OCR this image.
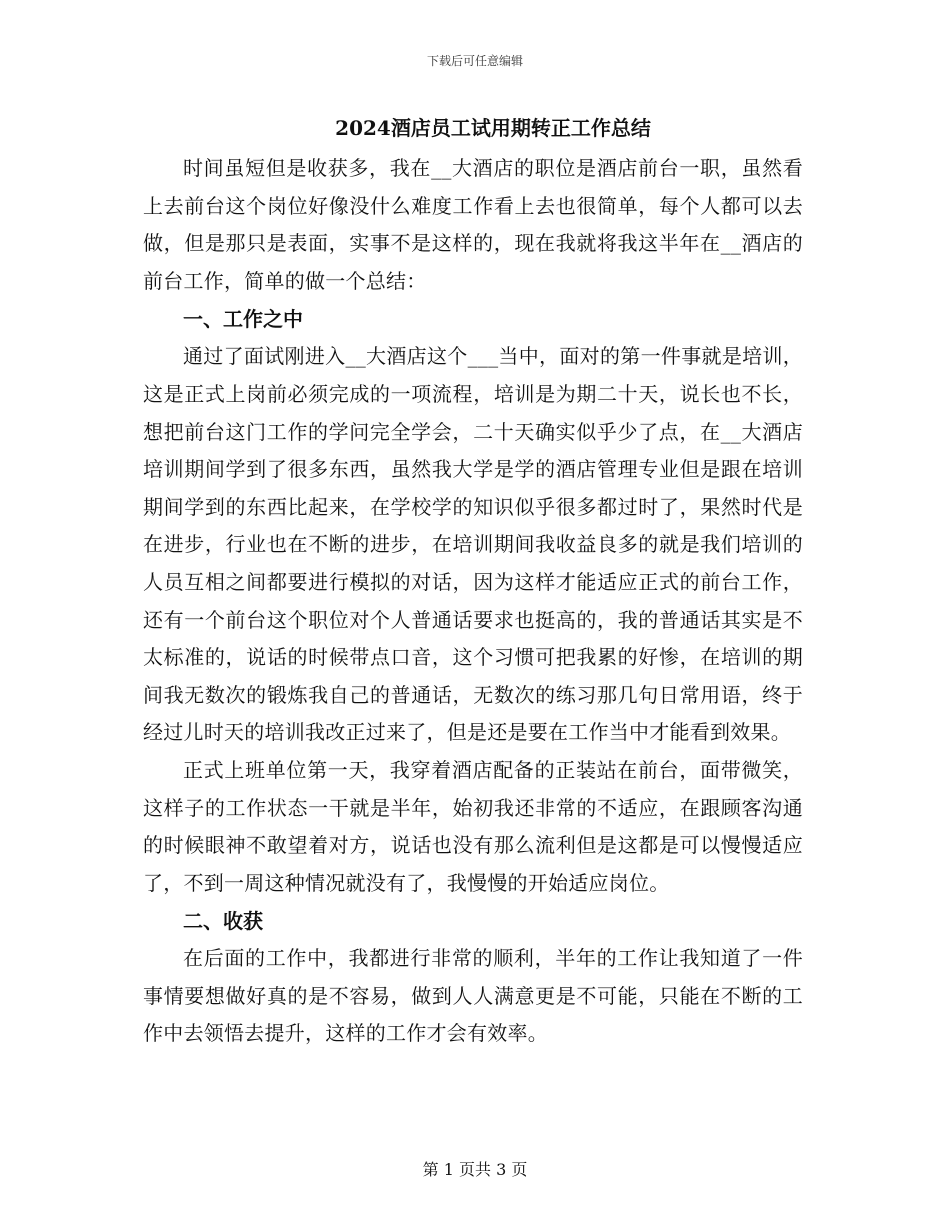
下载后可任意编辑
2024酒店员工试用期转正工作总结

时间虽短但是收获多，我在__大酒店的职位是酒店前台一职，虽然看上去前台这个岗位好像没什么难度工作看上去也很简单，每个人都可以去做，但是那只是表面，实事不是这样的，现在我就将我这半年在__酒店的前台工作，简单的做一个总结：

一、工作之中

通过了面试刚进入__大酒店这个___当中，面对的第一件事就是培训，这是正式上岗前必须完成的一项流程，培训是为期二十天，说长也不长，想把前台这门工作的学问完全学会，二十天确实似乎少了点，在__大酒店培训期间学到了很多东西，虽然我大学是学的酒店管理专业但是跟在培训期间学到的东西比起来，在学校学的知识似乎很多都过时了，果然时代是在进步，行业也在不断的进步，在培训期间我收益良多的就是我们培训的人员互相之间都要进行模拟的对话，因为这样才能适应正式的前台工作，还有一个前台这个职位对个人普通话要求也挺高的，我的普通话其实是不太标准的，说话的时候带点口音，这个习惯可把我累的好惨，在培训的期间我无数次的锻炼我自己的普通话，无数次的练习那几句日常用语，终于经过儿时天的培训我改正过来了，但是还是要在工作当中才能看到效果。

正式上班单位第一天，我穿着酒店配备的正装站在前台，面带微笑，这样子的工作状态一干就是半年，始初我还非常的不适应，在跟顾客沟通的时候眼神不敢望着对方，说话也没有那么流利但是这都是可以慢慢适应了，不到一周这种情况就没有了，我慢慢的开始适应岗位。

二、收获

在后面的工作中，我都进行非常的顺利，半年的工作让我知道了一件事情要想做好真的是不容易，做到人人满意更是不可能，只能在不断的工作中去领悟去提升，这样的工作才会有效率。

第 1 页共 3 页
